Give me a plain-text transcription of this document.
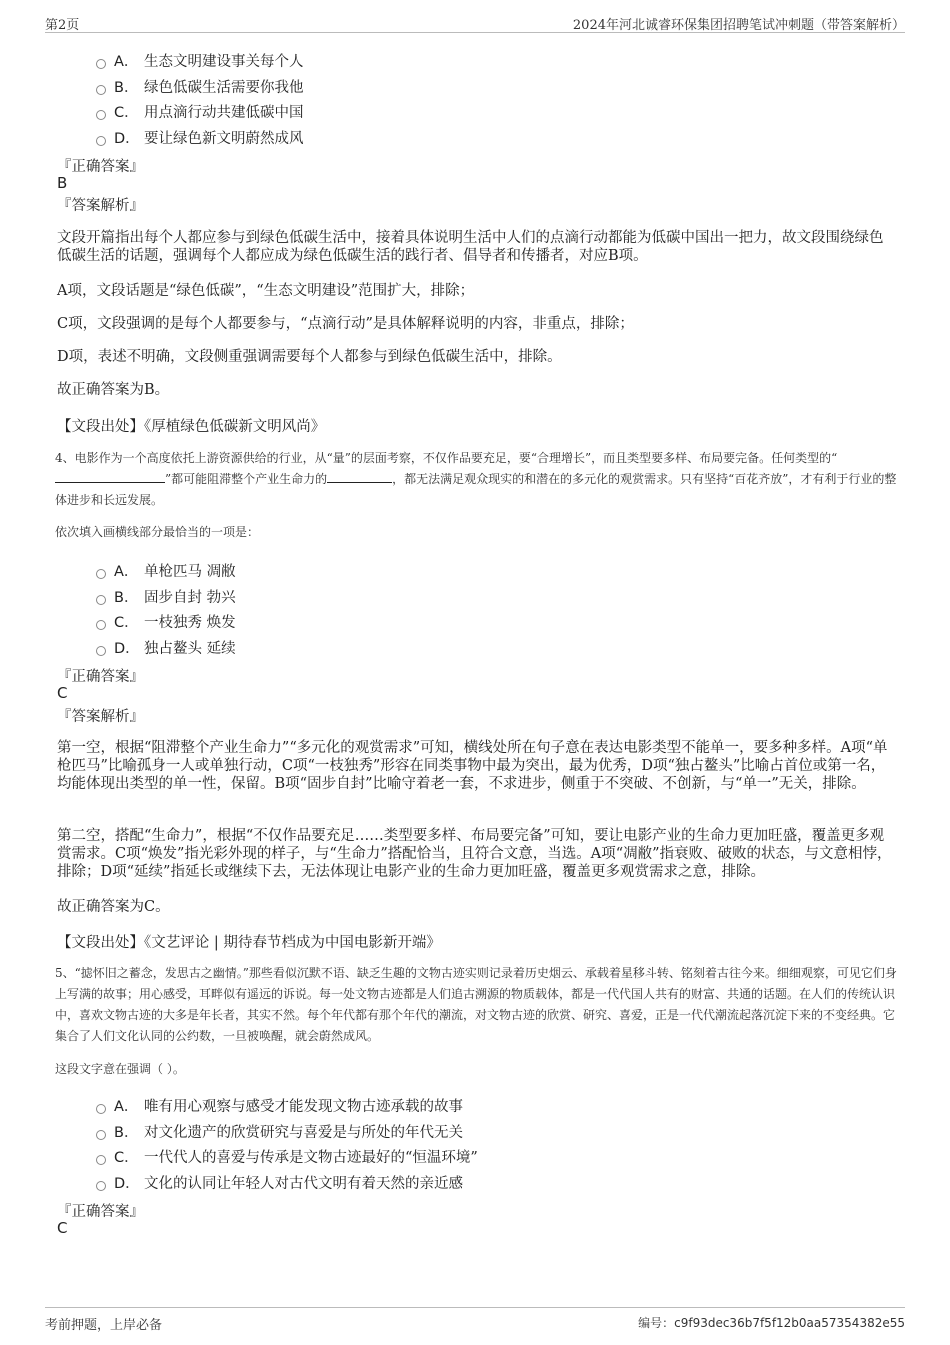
第2页	2024年河北诚睿环保集团招聘笔试冲刺题（带答案解析）
A． 生态文明建设事关每个人
B． 绿色低碳生活需要你我他
C． 用点滴行动共建低碳中国
D． 要让绿色新文明蔚然成风
『正确答案』
B
『答案解析』
文段开篇指出每个人都应参与到绿色低碳生活中，接着具体说明生活中人们的点滴行动都能为低碳中国出一把力，故文段围绕绿色低碳生活的话题，强调每个人都应成为绿色低碳生活的践行者、倡导者和传播者，对应B项。
A项，文段话题是“绿色低碳”，“生态文明建设”范围扩大，排除；
C项，文段强调的是每个人都要参与，“点滴行动”是具体解释说明的内容，非重点，排除；
D项，表述不明确，文段侧重强调需要每个人都参与到绿色低碳生活中，排除。
故正确答案为B。
【文段出处】《厚植绿色低碳新文明风尚》
4、电影作为一个高度依托上游资源供给的行业，从“量”的层面考察，不仅作品要充足，要“合理增长”，而且类型要多样、布局要完备。任何类型的“”都可能阻滞整个产业生命力的	，都无法满足观众现实的和潜在的多元化的观赏需求。只有坚持“百花齐放”，才有利于行业的整体进步和长远发展。
依次填入画横线部分最恰当的一项是：
A． 单枪匹马 凋敝
B． 固步自封 勃兴
C． 一枝独秀 焕发
D． 独占鳌头 延续
『正确答案』
C
『答案解析』
第一空，根据“阻滞整个产业生命力”“多元化的观赏需求”可知，横线处所在句子意在表达电影类型不能单一，要多种多样。A项“单枪匹马”比喻孤身一人或单独行动，C项“一枝独秀”形容在同类事物中最为突出，最为优秀，D项“独占鳌头”比喻占首位或第一名，均能体现出类型的单一性，保留。B项“固步自封”比喻守着老一套，不求进步，侧重于不突破、不创新，与“单一”无关，排除。
第二空，搭配“生命力”，根据“不仅作品要充足……类型要多样、布局要完备”可知，要让电影产业的生命力更加旺盛，覆盖更多观赏需求。C项“焕发”指光彩外现的样子，与“生命力”搭配恰当，且符合文意，当选。A项“凋敝”指衰败、破败的状态，与文意相悖，排除；D项“延续”指延长或继续下去，无法体现让电影产业的生命力更加旺盛，覆盖更多观赏需求之意，排除。
故正确答案为C。
【文段出处】《文艺评论 | 期待春节档成为中国电影新开端》
5、“摅怀旧之蓄念，发思古之幽情。”那些看似沉默不语、缺乏生趣的文物古迹实则记录着历史烟云、承载着星移斗转、铭刻着古往今来。细细观察，可见它们身上写满的故事；用心感受，耳畔似有遥远的诉说。每一处文物古迹都是人们追古溯源的物质载体，都是一代代国人共有的财富、共通的话题。在人们的传统认识中，喜欢文物古迹的大多是年长者，其实不然。每个年代都有那个年代的潮流，对文物古迹的欣赏、研究、喜爱，正是一代代潮流起落沉淀下来的不变经典。它集合了人们文化认同的公约数，一旦被唤醒，就会蔚然成风。
这段文字意在强调（ ）。
A． 唯有用心观察与感受才能发现文物古迹承载的故事
B． 对文化遗产的欣赏研究与喜爱是与所处的年代无关
C． 一代代人的喜爱与传承是文物古迹最好的“恒温环境”
D． 文化的认同让年轻人对古代文明有着天然的亲近感
『正确答案』
C
考前押题，上岸必备	编号：c9f93dec36b7f5f12b0aa57354382e55
